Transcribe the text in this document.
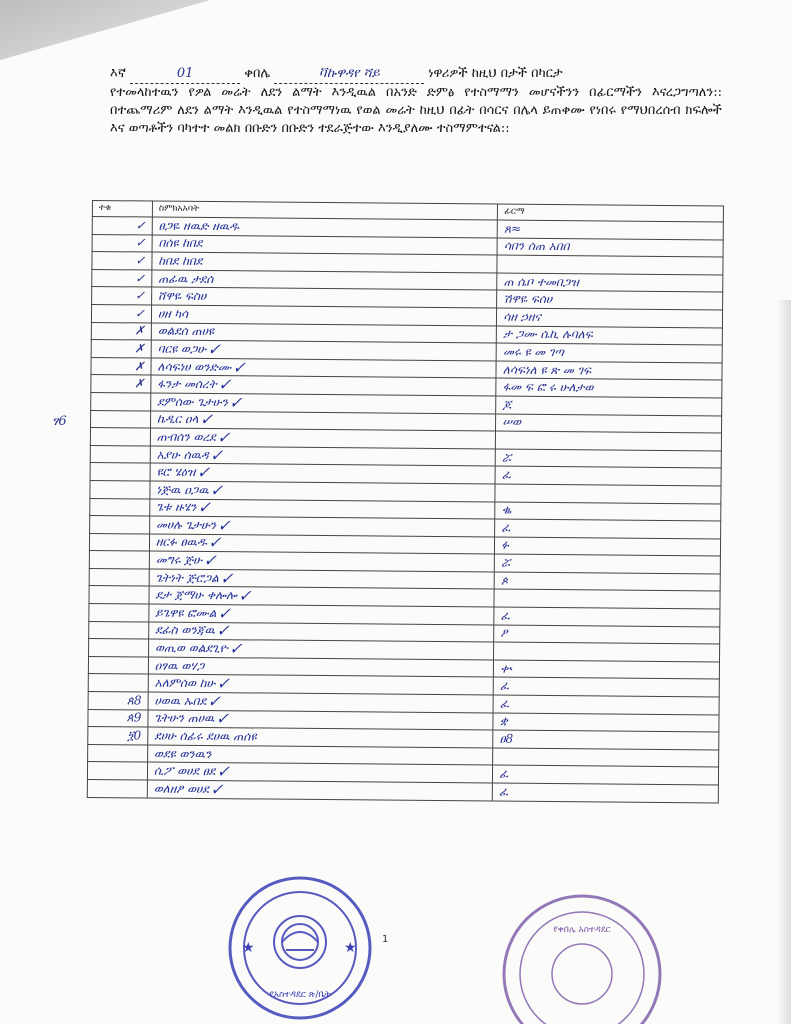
እኛ	01	ቀበሌ	ቫኩዋዳየ ሻይ	ነዋሪዎች ከዚህ በታች በካርታ

የተመላከተዉን የዎል መሬት ለደን ልማት እንዲዉል በአንድ ድምፅ የተስማማን መሆናችንን በፊርማችን እናረጋግጣለን:: በተጨማሪም ለደን ልማት እንዲዉል የተስማማነዉ የወል መሬት ከዚህ በፊት በሳርና በሌላ ይጠቀሙ የነበሩ የማህበረሰብ ክፍሎች እና ወጣቶችን ባካተተ መልክ በቡድን በቡድን ተደራጅተው እንዲያለሙ ተስማምተናል::

ፃ6
ተቁ	ስምክአአባት	ፊርማ
✓	ፀጋዬ ዘዉድ ዘዉዱ	ጸ≈
✓	በሰዩ ከበደ	ሳበን ሰጠ አበበ
✓	ከበደ ከበደ	
✓	ጠፊዉ ታደሰ	ጠ ሴቦ ተመበጋዝ
✓	ሸዋዬ ፍስሀ	ሽዋዬ ፍሰሀ
✓	ሀዘ ካሳ	ሳዘ ኃዘና
✗	ወልደሰ ጠሀዩ	ታ ጋሙ ሴኪ ሉባለፍ
✗	ባርዩ ወጋሁ ✓	መሩ ዩ መ ገጣ
✗	ለሳፍነሀ ወንድሙ ✓	ለሳፍነለ ዩ ጽ መ ገፍ
✗	ፋንታ መሰረት ✓	ፋመ ፍ ፎ ሩ ሁለታወ
	ደምሰው ጌታሁን ✓	ጆ
	ኬዲር ዐላ ✓	ሠወ
	ጠብሰን ወረደ ✓	
	አያሁ ሰዉዳ ✓	ሯ
	ዩሮ ሄዕዝ ✓	ፈ
	ነጅዉ ዐጋዉ ✓	
	ጌቱ ዙሄን ✓	ቈ
	መሀሉ ጌታሁን ✓	ፈ
	ዘርፉ ፀዉዱ ✓	ፉ
	መግሩ ጅሁ ✓	ሯ
	ጌትነት ጅሮጋል ✓	ጶ
	ደታ ጀማሁ ቀሎሎ ✓	
	ይጌዋዩ ፎሙል ✓	ፈ
	ደፊስ ወንጃዉ ✓	ፆ
	ወጢወ ወልደጊዮ ✓	
	ዐፃዉ ወሃጋ	ቍ
	አለምሰወ ከሁ ✓	ፈ
ጰ8	ሀወዉ ኡበደ ✓	ፈ
ጰ9	ጌትሁን ጠሀዉ ✓	ቋ
፺0	ደሀሁ ሰፊሩ ደሀዉ ጠሰዩ	ፀ8
	ወደዩ ወንዉን	
	ሲፖ ወሀደ ፀደ ✓	ፈ
	ወለዘፆ ወሀደ ✓	ፈ
1
★	★
የአስተዳደር ጽ/ቤት
የቀበሌ አስተዳደር
